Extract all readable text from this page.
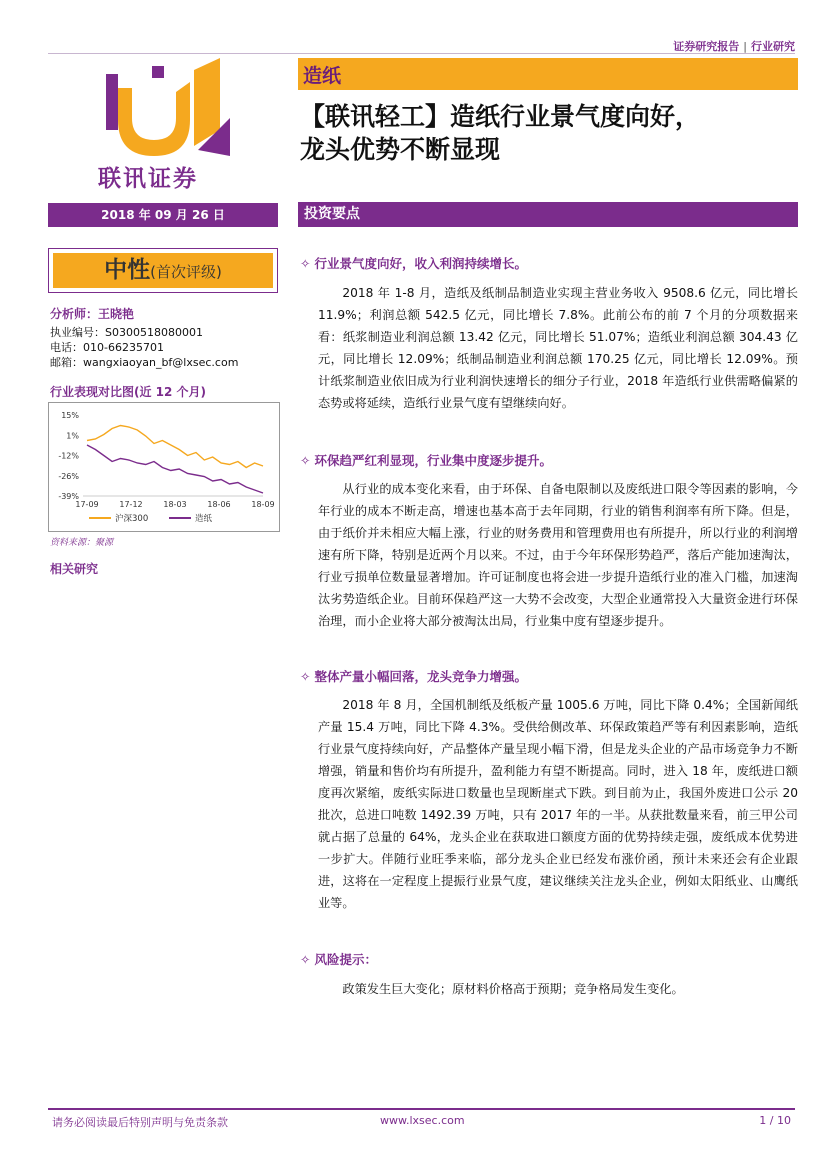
证券研究报告 | 行业研究
联讯证券
造纸
【联讯轻工】造纸行业景气度向好，
龙头优势不断显现
2018 年 09 月 26 日	投资要点
中性(首次评级)
分析师：王晓艳
执业编号：S0300518080001
电话：010-66235701
邮箱：wangxiaoyan_bf@lxsec.com
行业表现对比图(近 12 个月)
15%
1%
-12%
-26%
-39%
17-09	17-12	18-03	18-06	18-09
沪深300	造纸
资料来源：聚源
相关研究
✧ 行业景气度向好，收入利润持续增长。
2018 年 1-8 月，造纸及纸制品制造业实现主营业务收入 9508.6 亿元，同比增长 11.9%；利润总额 542.5 亿元，同比增长 7.8%。此前公布的前 7 个月的分项数据来看：纸浆制造业利润总额 13.42 亿元，同比增长 51.07%；造纸业利润总额 304.43 亿元，同比增长 12.09%；纸制品制造业利润总额 170.25 亿元，同比增长 12.09%。预计纸浆制造业依旧成为行业利润快速增长的细分子行业，2018 年造纸行业供需略偏紧的态势或将延续，造纸行业景气度有望继续向好。
✧ 环保趋严红利显现，行业集中度逐步提升。
从行业的成本变化来看，由于环保、自备电限制以及废纸进口限令等因素的影响，今年行业的成本不断走高，增速也基本高于去年同期，行业的销售利润率有所下降。但是，由于纸价并未相应大幅上涨，行业的财务费用和管理费用也有所提升，所以行业的利润增速有所下降，特别是近两个月以来。不过，由于今年环保形势趋严，落后产能加速淘汰，行业亏损单位数量显著增加。许可证制度也将会进一步提升造纸行业的准入门槛，加速淘汰劣势造纸企业。目前环保趋严这一大势不会改变，大型企业通常投入大量资金进行环保治理，而小企业将大部分被淘汰出局，行业集中度有望逐步提升。
✧ 整体产量小幅回落，龙头竞争力增强。
2018 年 8 月，全国机制纸及纸板产量 1005.6 万吨，同比下降 0.4%；全国新闻纸产量 15.4 万吨，同比下降 4.3%。受供给侧改革、环保政策趋严等有利因素影响，造纸行业景气度持续向好，产品整体产量呈现小幅下滑，但是龙头企业的产品市场竞争力不断增强，销量和售价均有所提升，盈利能力有望不断提高。同时，进入 18 年，废纸进口额度再次紧缩，废纸实际进口数量也呈现断崖式下跌。到目前为止，我国外废进口公示 20 批次，总进口吨数 1492.39 万吨，只有 2017 年的一半。从获批数量来看，前三甲公司就占据了总量的 64%，龙头企业在获取进口额度方面的优势持续走强，废纸成本优势进一步扩大。伴随行业旺季来临，部分龙头企业已经发布涨价函，预计未来还会有企业跟进，这将在一定程度上提振行业景气度，建议继续关注龙头企业，例如太阳纸业、山鹰纸业等。
✧ 风险提示：
政策发生巨大变化；原材料价格高于预期；竞争格局发生变化。
请务必阅读最后特别声明与免责条款	www.lxsec.com	1 / 10
